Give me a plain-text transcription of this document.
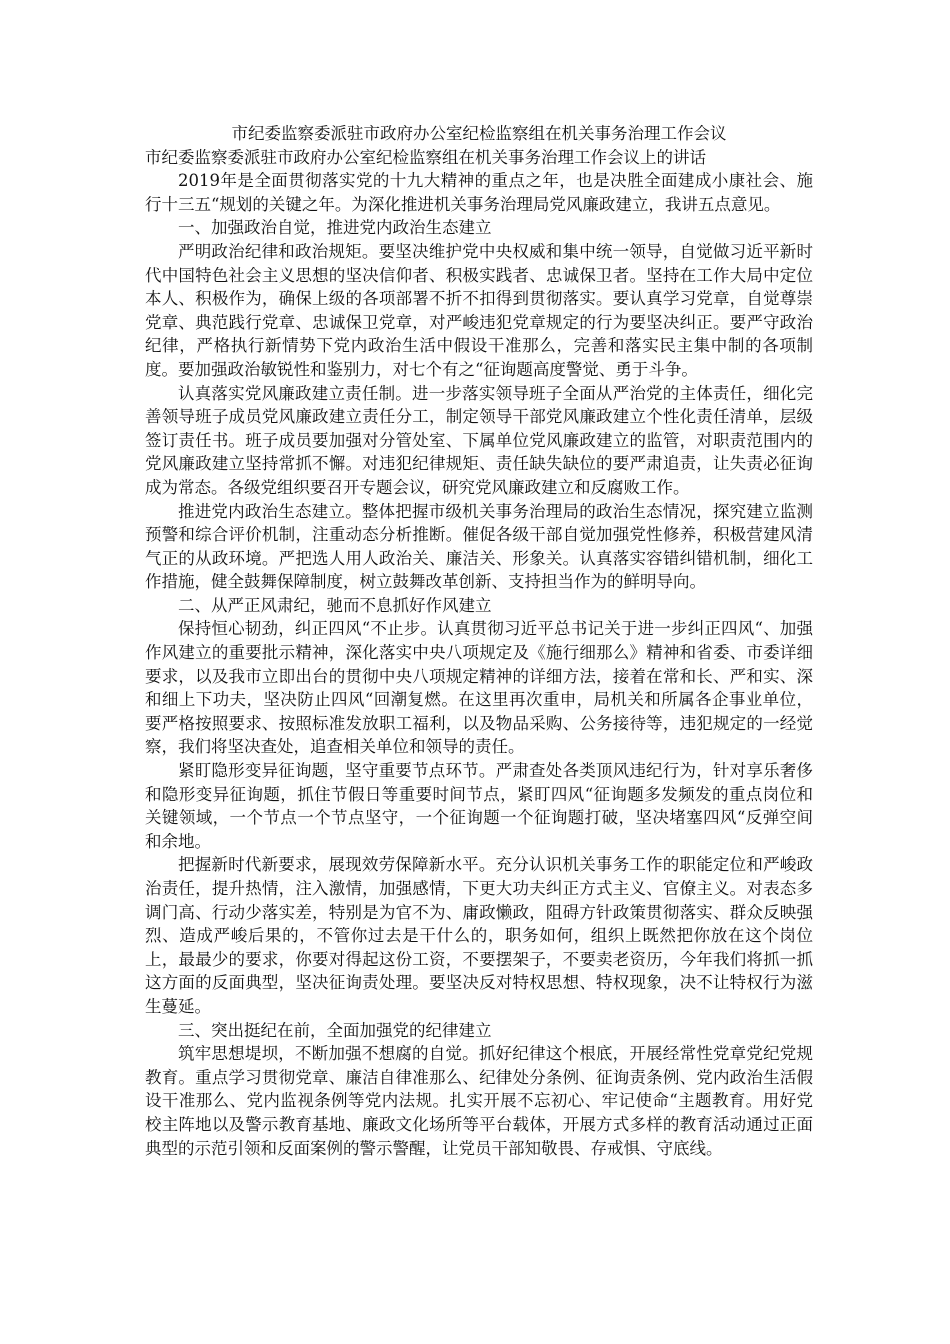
市纪委监察委派驻市政府办公室纪检监察组在机关事务治理工作会议

市纪委监察委派驻市政府办公室纪检监察组在机关事务治理工作会议上的讲话

2019年是全面贯彻落实党的十九大精神的重点之年，也是决胜全面建成小康社会、施行十三五“规划的关键之年。为深化推进机关事务治理局党风廉政建立，我讲五点意见。

一、加强政治自觉，推进党内政治生态建立

严明政治纪律和政治规矩。要坚决维护党中央权威和集中统一领导，自觉做习近平新时代中国特色社会主义思想的坚决信仰者、积极实践者、忠诚保卫者。坚持在工作大局中定位本人、积极作为，确保上级的各项部署不折不扣得到贯彻落实。要认真学习党章，自觉尊崇党章、典范践行党章、忠诚保卫党章，对严峻违犯党章规定的行为要坚决纠正。要严守政治纪律，严格执行新情势下党内政治生活中假设干准那么，完善和落实民主集中制的各项制度。要加强政治敏锐性和鉴别力，对七个有之“征询题高度警觉、勇于斗争。

认真落实党风廉政建立责任制。进一步落实领导班子全面从严治党的主体责任，细化完善领导班子成员党风廉政建立责任分工，制定领导干部党风廉政建立个性化责任清单，层级签订责任书。班子成员要加强对分管处室、下属单位党风廉政建立的监管，对职责范围内的党风廉政建立坚持常抓不懈。对违犯纪律规矩、责任缺失缺位的要严肃追责，让失责必征询成为常态。各级党组织要召开专题会议，研究党风廉政建立和反腐败工作。

推进党内政治生态建立。整体把握市级机关事务治理局的政治生态情况，探究建立监测预警和综合评价机制，注重动态分析推断。催促各级干部自觉加强党性修养，积极营建风清气正的从政环境。严把选人用人政治关、廉洁关、形象关。认真落实容错纠错机制，细化工作措施，健全鼓舞保障制度，树立鼓舞改革创新、支持担当作为的鲜明导向。

二、从严正风肃纪，驰而不息抓好作风建立

保持恒心韧劲，纠正四风“不止步。认真贯彻习近平总书记关于进一步纠正四风“、加强作风建立的重要批示精神，深化落实中央八项规定及《施行细那么》精神和省委、市委详细要求，以及我市立即出台的贯彻中央八项规定精神的详细方法，接着在常和长、严和实、深和细上下功夫，坚决防止四风“回潮复燃。在这里再次重申，局机关和所属各企事业单位，要严格按照要求、按照标准发放职工福利，以及物品采购、公务接待等，违犯规定的一经觉察，我们将坚决查处，追查相关单位和领导的责任。

紧盯隐形变异征询题，坚守重要节点环节。严肃查处各类顶风违纪行为，针对享乐奢侈和隐形变异征询题，抓住节假日等重要时间节点，紧盯四风“征询题多发频发的重点岗位和关键领域，一个节点一个节点坚守，一个征询题一个征询题打破，坚决堵塞四风“反弹空间和余地。

把握新时代新要求，展现效劳保障新水平。充分认识机关事务工作的职能定位和严峻政治责任，提升热情，注入激情，加强感情，下更大功夫纠正方式主义、官僚主义。对表态多调门高、行动少落实差，特别是为官不为、庸政懒政，阻碍方针政策贯彻落实、群众反映强烈、造成严峻后果的，不管你过去是干什么的，职务如何，组织上既然把你放在这个岗位上，最最少的要求，你要对得起这份工资，不要摆架子，不要卖老资历，今年我们将抓一抓这方面的反面典型，坚决征询责处理。要坚决反对特权思想、特权现象，决不让特权行为滋生蔓延。

三、突出挺纪在前，全面加强党的纪律建立

筑牢思想堤坝，不断加强不想腐的自觉。抓好纪律这个根底，开展经常性党章党纪党规教育。重点学习贯彻党章、廉洁自律准那么、纪律处分条例、征询责条例、党内政治生活假设干准那么、党内监视条例等党内法规。扎实开展不忘初心、牢记使命“主题教育。用好党校主阵地以及警示教育基地、廉政文化场所等平台载体，开展方式多样的教育活动通过正面典型的示范引领和反面案例的警示警醒，让党员干部知敬畏、存戒惧、守底线。
